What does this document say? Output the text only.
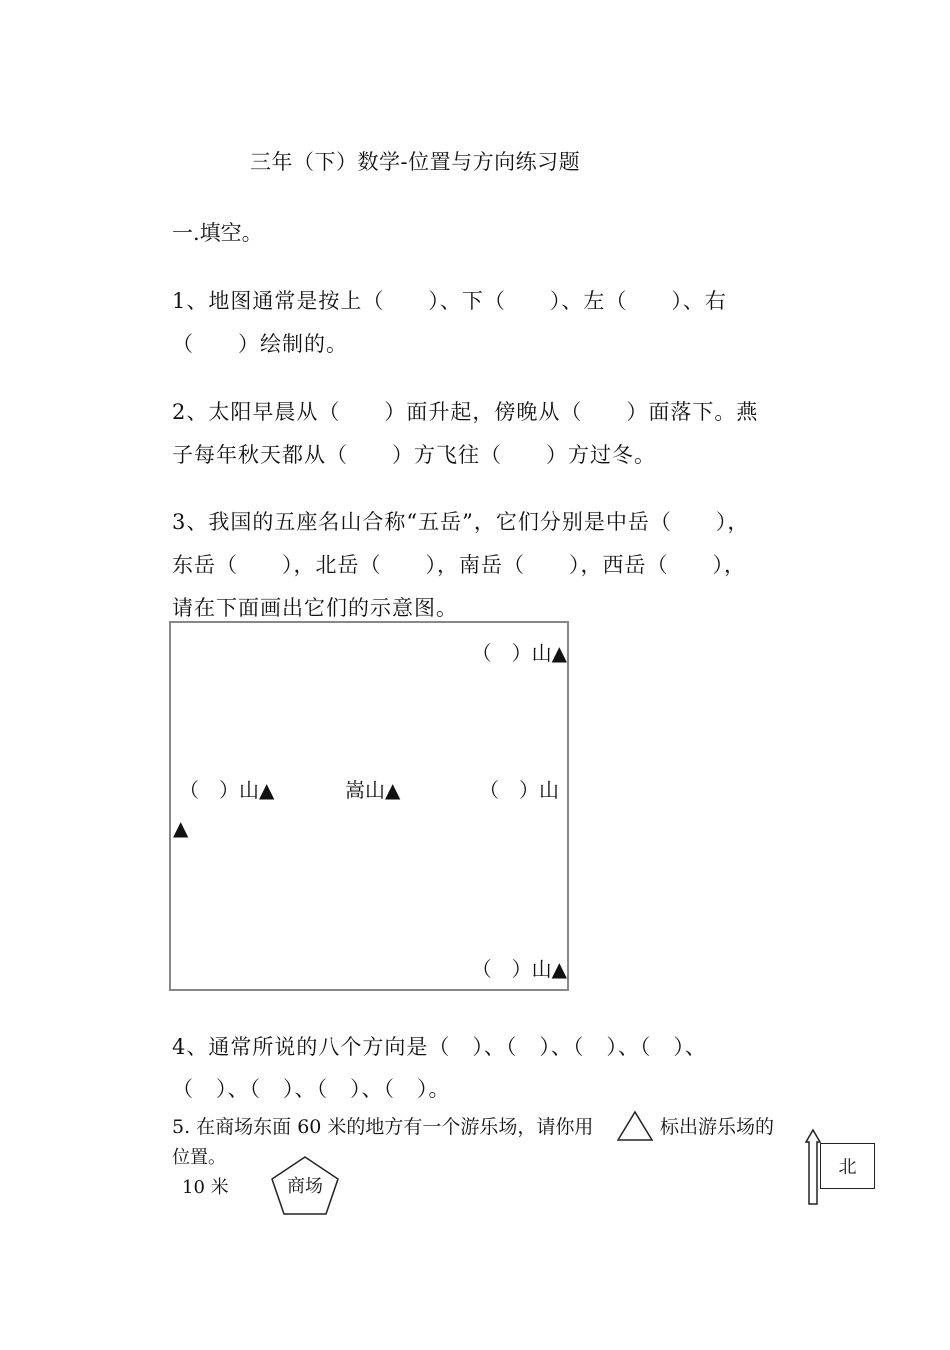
三年（下）数学-位置与方向练习题
一.填空。
1、地图通常是按上（　　）、下（　　）、左（　　）、右
（　　）绘制的。
2、太阳早晨从（　　）面升起，傍晚从（　　）面落下。燕
子每年秋天都从（　　）方飞往（　　）方过冬。
3、我国的五座名山合称“五岳”，它们分别是中岳（　　），
东岳（　　），北岳（　　），南岳（　　），西岳（　　），
请在下面画出它们的示意图。
（　）山▲
（　）山▲	嵩山▲	（　）山
▲
（　）山▲
4、通常所说的八个方向是（　）、（　）、（　）、（　）、
（　）、（　）、（　）、（　）。
5. 在商场东面 60 米的地方有一个游乐场，请你用	标出游乐场的
位置。
10 米	商场
北
